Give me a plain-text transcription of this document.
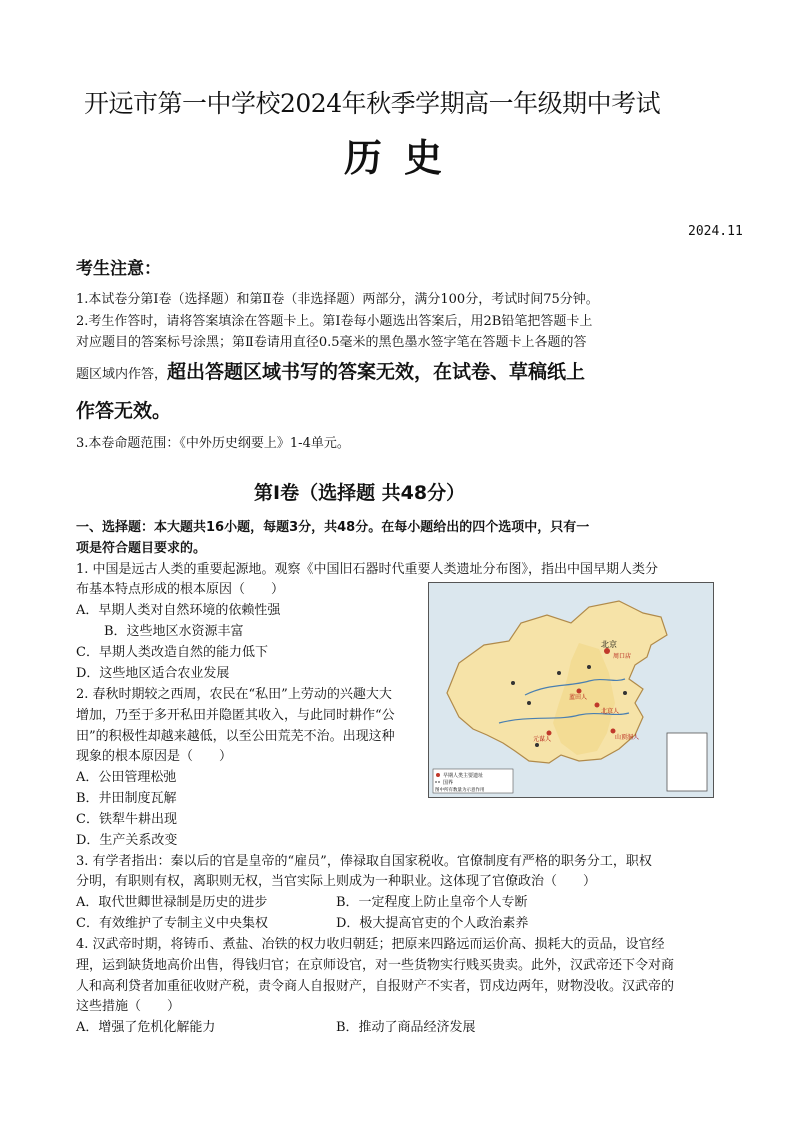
开远市第一中学校2024年秋季学期高一年级期中考试
历史
2024.11
考生注意：
1.本试卷分第Ⅰ卷（选择题）和第Ⅱ卷（非选择题）两部分，满分100分，考试时间75分钟。
2.考生作答时，请将答案填涂在答题卡上。第Ⅰ卷每小题选出答案后，用2B铅笔把答题卡上
对应题目的答案标号涂黑；第Ⅱ卷请用直径0.5毫米的黑色墨水签字笔在答题卡上各题的答
题区域内作答，超出答题区域书写的答案无效，在试卷、草稿纸上
作答无效。
3.本卷命题范围：《中外历史纲要上》1-4单元。
第Ⅰ卷（选择题 共48分）
一、选择题：本大题共16小题，每题3分，共48分。在每小题给出的四个选项中，只有一
项是符合题目要求的。
1. 中国是远古人类的重要起源地。观察《中国旧石器时代重要人类遗址分布图》，指出中国早期人类分
布基本特点形成的根本原因（　　）
A．早期人类对自然环境的依赖性强
B．这些地区水资源丰富
C．早期人类改造自然的能力低下
D．这些地区适合农业发展
2. 春秋时期较之西周，农民在“私田”上劳动的兴趣大大
增加，乃至于多开私田并隐匿其收入，与此同时耕作“公
田”的积极性却越来越低，以至公田荒芜不治。出现这种
现象的根本原因是（　　）
A．公田管理松弛
B．井田制度瓦解
C．铁犁牛耕出现
D．生产关系改变
3. 有学者指出：秦以后的官是皇帝的“雇员”，俸禄取自国家税收。官僚制度有严格的职务分工，职权
分明，有职则有权，离职则无权，当官实际上则成为一种职业。这体现了官僚政治（　　）
A．取代世卿世禄制是历史的进步	B．一定程度上防止皇帝个人专断
C．有效维护了专制主义中央集权	D．极大提高官吏的个人政治素养
4. 汉武帝时期，将铸币、煮盐、冶铁的权力收归朝廷；把原来四路远而运价高、损耗大的贡品，设官经
理，运到缺货地高价出售，得钱归官；在京师设官，对一些货物实行贱买贵卖。此外，汉武帝还下令对商
人和高利贷者加重征收财产税，责令商人自报财产，自报财产不实者，罚戍边两年，财物没收。汉武帝的
这些措施（　　）
A．增强了危机化解能力	B．推动了商品经济发展
北京
周口店
蓝田人
元谋人
北京人
山顶洞人
早期人类主要遗址
国界
图中所有数量为示意作用
